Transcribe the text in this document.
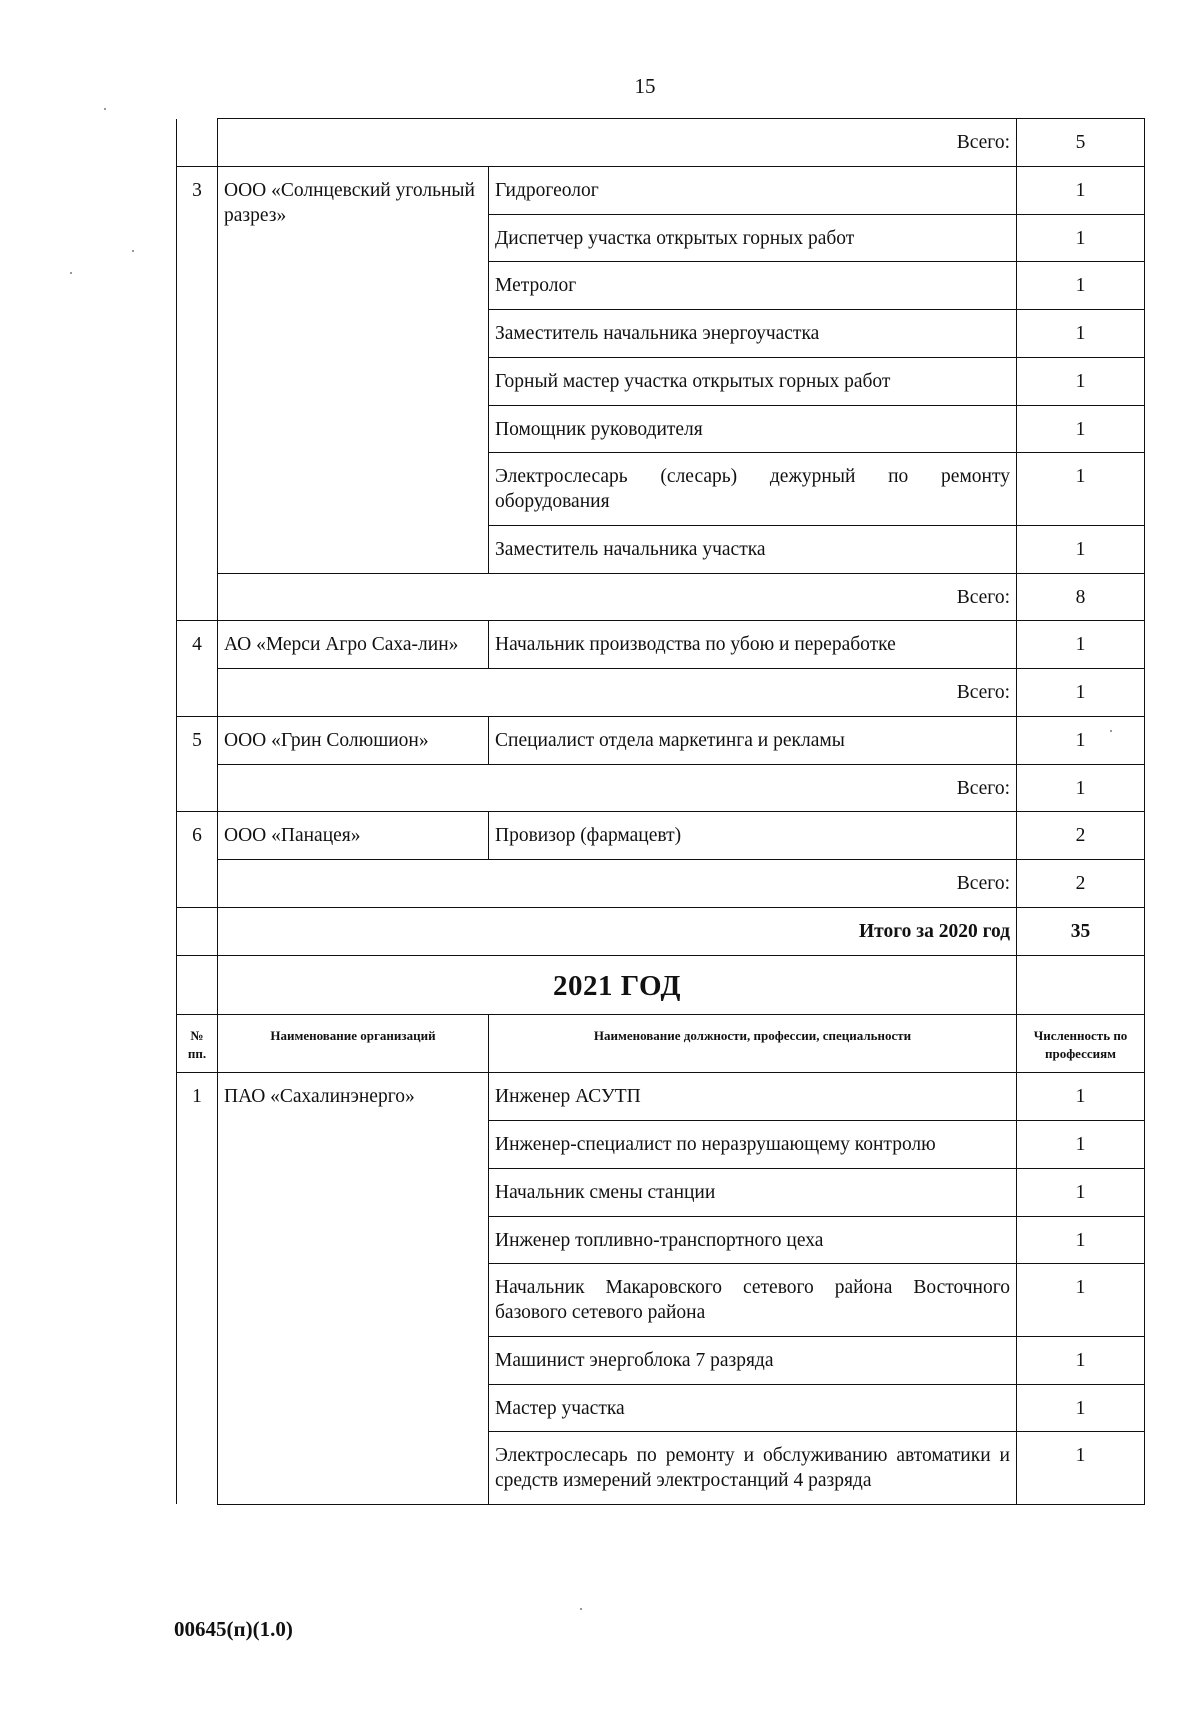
15
	Всего:		5
3	ООО «Солнцевский угольный разрез»	Гидрогеолог	1
		Диспетчер участка открытых горных работ	1
		Метролог	1
		Заместитель начальника энергоучастка	1
		Горный мастер участка открытых горных работ	1
		Помощник руководителя	1
		Электрослесарь (слесарь) дежурный по ремонту оборудования	1
		Заместитель начальника участка	1
	Всего:		8
4	АО «Мерси Агро Саха-лин»	Начальник производства по убою и переработке	1
	Всего:		1
5	ООО «Грин Солюшион»	Специалист отдела маркетинга и рекламы	1
	Всего:		1
6	ООО «Панацея»	Провизор (фармацевт)	2
	Всего:		2
	Итого за 2020 год		35
	2021 ГОД		
№ пп.	Наименование организаций	Наименование должности, профессии, специальности	Численность по профессиям
1	ПАО «Сахалинэнерго»	Инженер АСУТП	1
		Инженер-специалист по неразрушающему контролю	1
		Начальник смены станции	1
		Инженер топливно-транспортного цеха	1
		Начальник Макаровского сетевого района Восточного базового сетевого района	1
		Машинист энергоблока 7 разряда	1
		Мастер участка	1
		Электрослесарь по ремонту и обслуживанию автоматики и средств измерений электростанций 4 разряда	1
00645(п)(1.0)
